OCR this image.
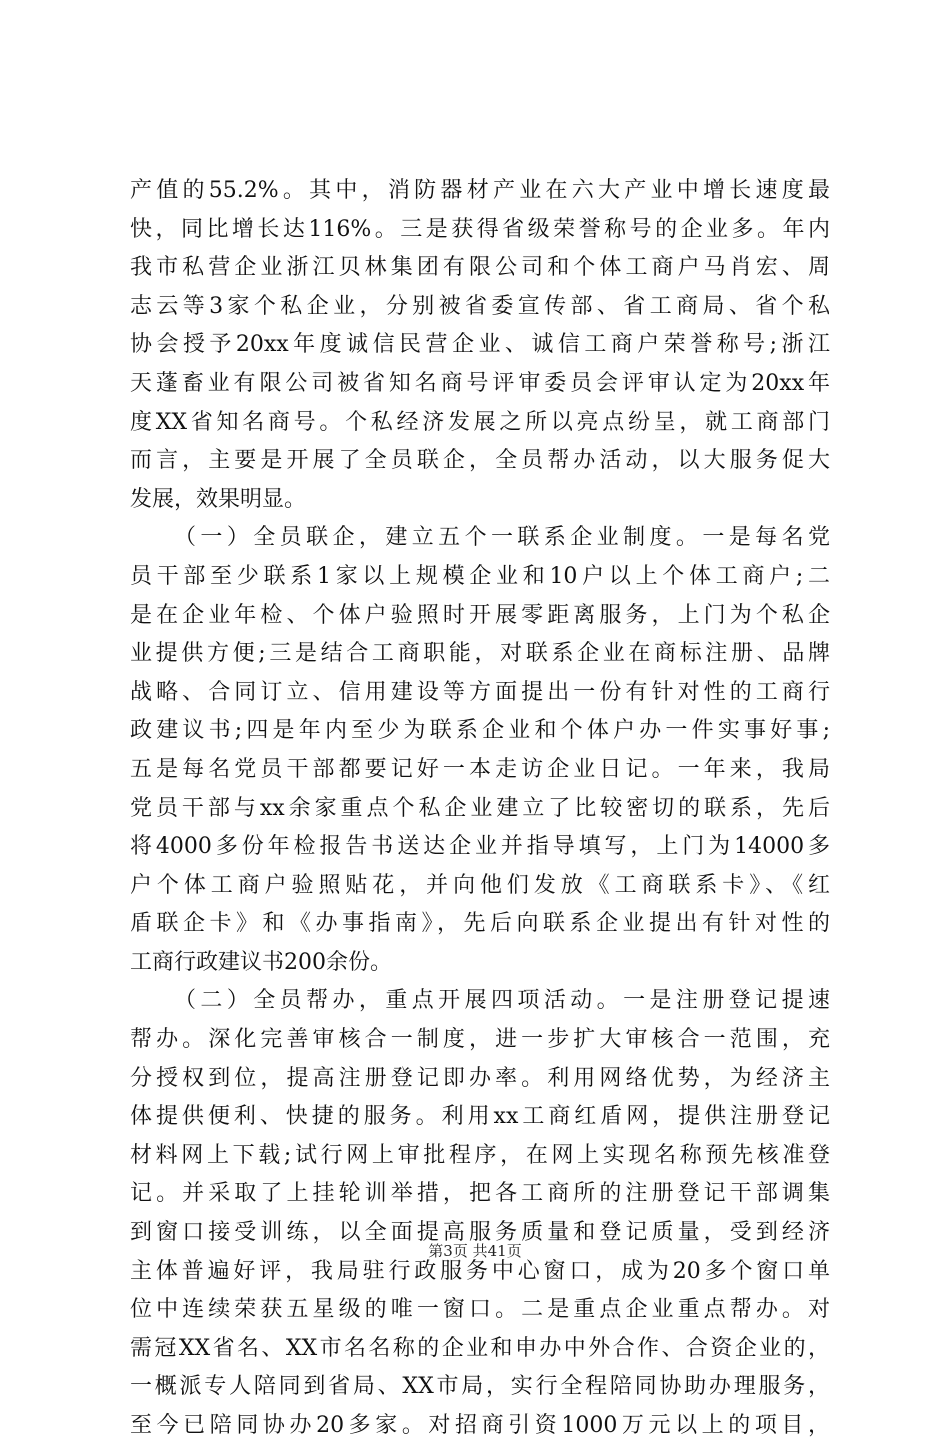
产值的55.2%。其中，消防器材产业在六大产业中增长速度最
快，同比增长达116%。三是获得省级荣誉称号的企业多。年内
我市私营企业浙江贝林集团有限公司和个体工商户马肖宏、周
志云等3家个私企业，分别被省委宣传部、省工商局、省个私
协会授予20xx年度诚信民营企业、诚信工商户荣誉称号;浙江
天蓬畜业有限公司被省知名商号评审委员会评审认定为20xx年
度XX省知名商号。个私经济发展之所以亮点纷呈，就工商部门
而言，主要是开展了全员联企，全员帮办活动，以大服务促大
发展，效果明显。
（一）全员联企，建立五个一联系企业制度。一是每名党
员干部至少联系1家以上规模企业和10户以上个体工商户;二
是在企业年检、个体户验照时开展零距离服务，上门为个私企
业提供方便;三是结合工商职能，对联系企业在商标注册、品牌
战略、合同订立、信用建设等方面提出一份有针对性的工商行
政建议书;四是年内至少为联系企业和个体户办一件实事好事;
五是每名党员干部都要记好一本走访企业日记。一年来，我局
党员干部与xx余家重点个私企业建立了比较密切的联系，先后
将4000多份年检报告书送达企业并指导填写，上门为14000多
户个体工商户验照贴花，并向他们发放《工商联系卡》、《红
盾联企卡》和《办事指南》，先后向联系企业提出有针对性的
工商行政建议书200余份。
（二）全员帮办，重点开展四项活动。一是注册登记提速
帮办。深化完善审核合一制度，进一步扩大审核合一范围，充
分授权到位，提高注册登记即办率。利用网络优势，为经济主
体提供便利、快捷的服务。利用xx工商红盾网，提供注册登记
材料网上下载;试行网上审批程序，在网上实现名称预先核准登
记。并采取了上挂轮训举措，把各工商所的注册登记干部调集
到窗口接受训练，以全面提高服务质量和登记质量，受到经济
主体普遍好评，我局驻行政服务中心窗口，成为20多个窗口单
位中连续荣获五星级的唯一窗口。二是重点企业重点帮办。对
需冠XX省名、XX市名名称的企业和申办中外合作、合资企业的，
一概派专人陪同到省局、XX市局，实行全程陪同协助办理服务，
至今已陪同协办20多家。对招商引资1000万元以上的项目，
第3页 共41页
